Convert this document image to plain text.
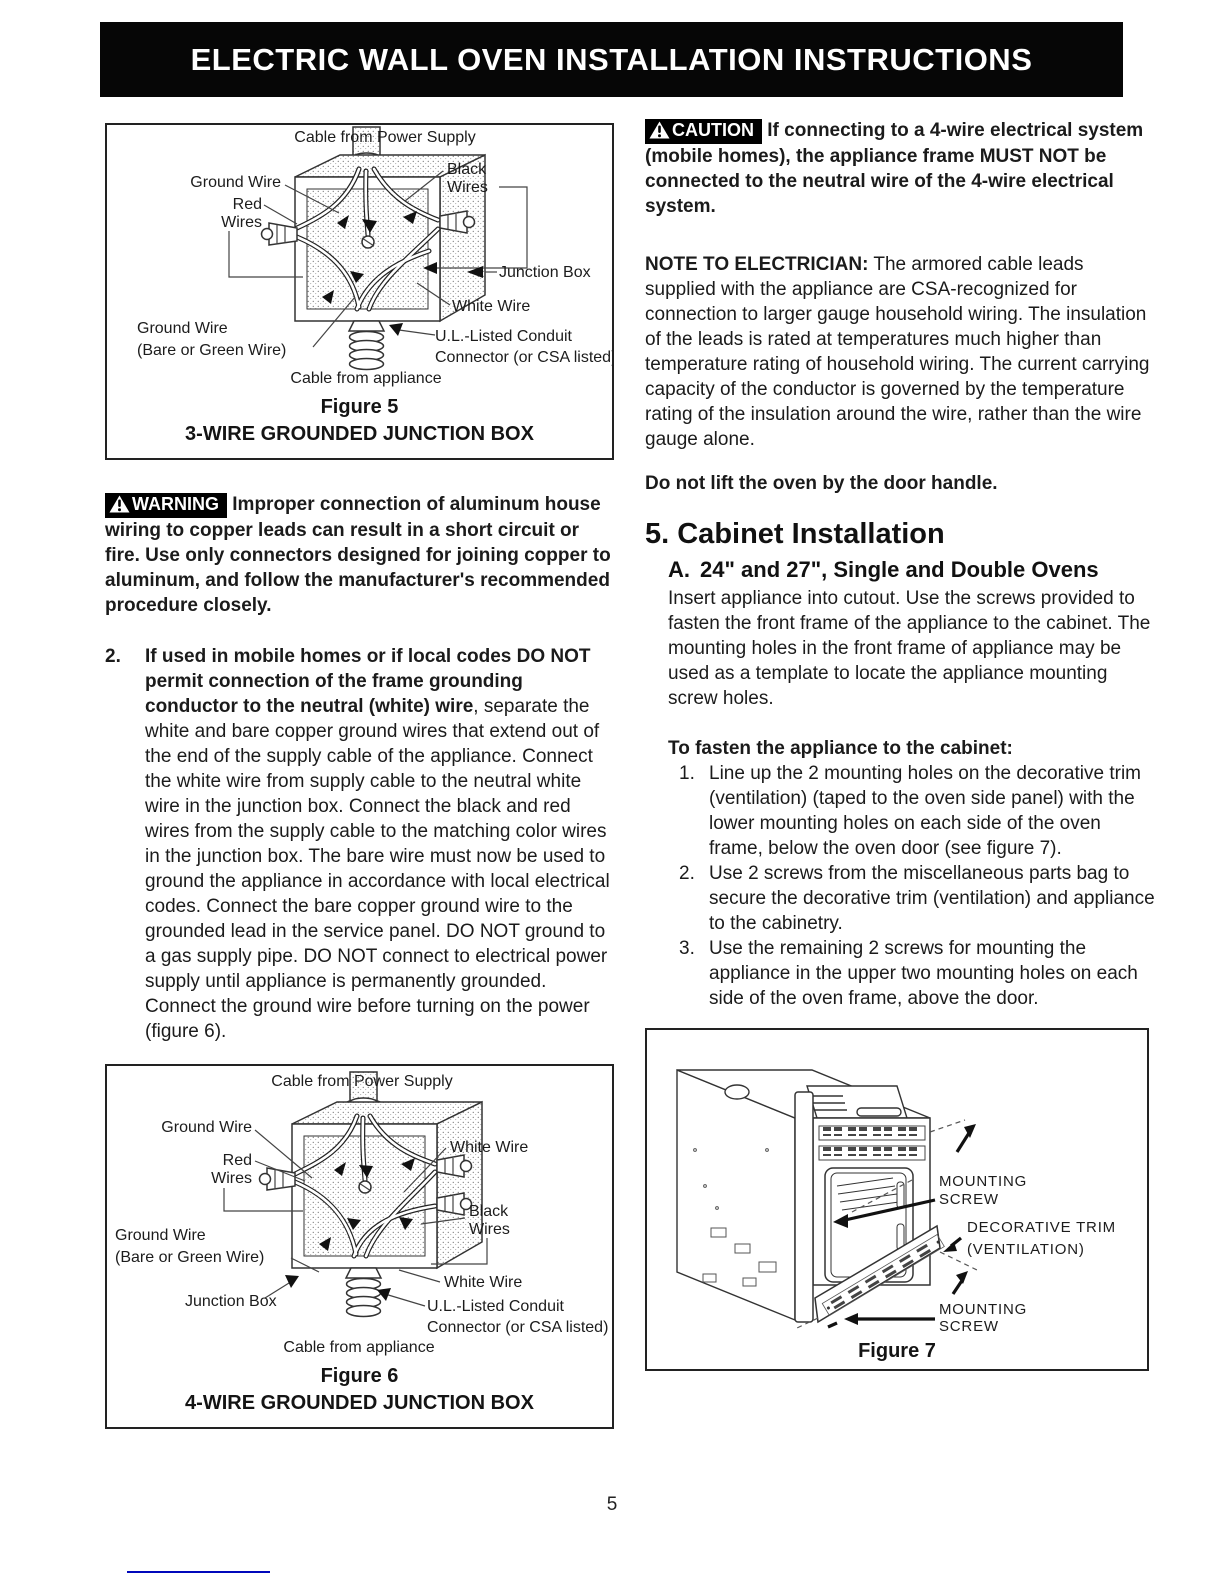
ELECTRIC WALL OVEN INSTALLATION INSTRUCTIONS
Cable from Power Supply
Ground Wire
Red
Wires
Black
Wires
Junction Box
White Wire
Ground Wire
(Bare or Green Wire)
U.L.-Listed Conduit
Connector (or CSA listed)
Cable from appliance

Figure 5

3-WIRE GROUNDED JUNCTION BOX

WARNING Improper connection of aluminum house wiring to copper leads can result in a short circuit or fire. Use only connectors designed for joining copper to aluminum, and follow the manufacturer's recommended procedure closely.

2.	If used in mobile homes or if local codes DO NOT permit connection of the frame grounding conductor to the neutral (white) wire, separate the white and bare copper ground wires that extend out of the end of the supply cable of the appliance. Connect the white wire from supply cable to the neutral white wire in the junction box. Connect the black and red wires from the supply cable to the matching color wires in the junction box. The bare wire must now be used to ground the appliance in accordance with local electrical codes. Connect the bare copper ground wire to the grounded lead in the service panel. DO NOT ground to a gas supply pipe. DO NOT connect to electrical power supply until appliance is permanently grounded. Connect the ground wire before turning on the power (figure 6).
Cable from Power Supply
Ground Wire
Red
Wires
White Wire
Black
Wires
Ground Wire
(Bare or Green Wire)
Junction Box
White Wire
U.L.-Listed Conduit
Connector (or CSA listed)
Cable from appliance

Figure 6

4-WIRE GROUNDED JUNCTION BOX

CAUTION If connecting to a 4-wire electrical system (mobile homes), the appliance frame MUST NOT be connected to the neutral wire of the 4-wire electrical system.

NOTE TO ELECTRICIAN: The armored cable leads supplied with the appliance are CSA-recognized for connection to larger gauge household wiring. The insulation of the leads is rated at temperatures much higher than temperature rating of household wiring. The current carrying capacity of the conductor is governed by the temperature rating of the insulation around the wire, rather than the wire gauge alone.

Do not lift the oven by the door handle.

5. Cabinet Installation
A. 24" and 27", Single and Double Ovens

Insert appliance into cutout. Use the screws provided to fasten the front frame of the appliance to the cabinet. The mounting holes in the front frame of appliance may be used as a template to locate the appliance mounting screw holes.

To fasten the appliance to the cabinet:

1. Line up the 2 mounting holes on the decorative trim (ventilation) (taped to the oven side panel) with the lower mounting holes on each side of the oven frame, below the oven door (see figure 7).
2. Use 2 screws from the miscellaneous parts bag to secure the decorative trim (ventilation) and appliance to the cabinetry.
3. Use the remaining 2 screws for mounting the appliance in the upper two mounting holes on each side of the oven frame, above the door.
MOUNTING
SCREW
DECORATIVE TRIM
(VENTILATION)
MOUNTING
SCREW

Figure 7

5
